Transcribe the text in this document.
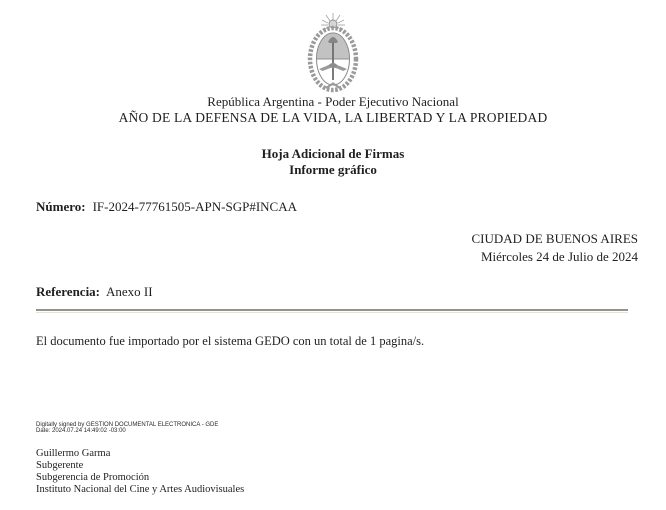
República Argentina - Poder Ejecutivo Nacional
AÑO DE LA DEFENSA DE LA VIDA, LA LIBERTAD Y LA PROPIEDAD
Hoja Adicional de Firmas
Informe gráfico
Número: IF-2024-77761505-APN-SGP#INCAA
CIUDAD DE BUENOS AIRES
Miércoles 24 de Julio de 2024
Referencia: Anexo II
El documento fue importado por el sistema GEDO con un total de 1 pagina/s.
Digitally signed by GESTION DOCUMENTAL ELECTRONICA - GDE
Date: 2024.07.24 14:49:02 -03:00
Guillermo Garma
Subgerente
Subgerencia de Promoción
Instituto Nacional del Cine y Artes Audiovisuales
